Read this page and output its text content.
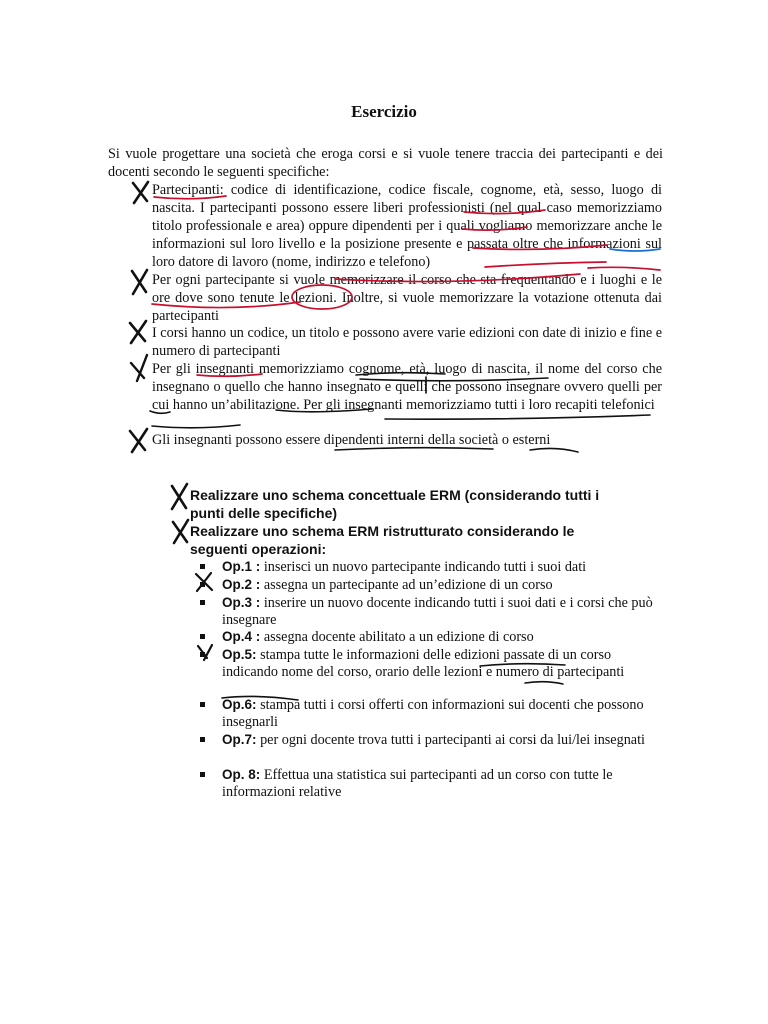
Esercizio
Si vuole progettare una società che eroga corsi e si vuole tenere traccia dei partecipanti e dei docenti secondo le seguenti specifiche:
Partecipanti: codice di identificazione, codice fiscale, cognome, età, sesso, luogo di nascita. I partecipanti possono essere liberi professionisti (nel qual caso memorizziamo titolo professionale e area) oppure dipendenti per i quali vogliamo memorizzare anche le informazioni sul loro livello e la posizione presente e passata oltre che informazioni sul loro datore di lavoro (nome, indirizzo e telefono)
Per ogni partecipante si vuole memorizzare il corso che sta frequentando e i luoghi e le ore dove sono tenute le lezioni. Inoltre, si vuole memorizzare la votazione ottenuta dai partecipanti
I corsi hanno un codice, un titolo e possono avere varie edizioni con date di inizio e fine e numero di partecipanti
Per gli insegnanti memorizziamo cognome, età, luogo di nascita, il nome del corso che insegnano o quello che hanno insegnato e quelli che possono insegnare ovvero quelli per cui hanno un’abilitazione. Per gli insegnanti memorizziamo tutti i loro recapiti telefonici
Gli insegnanti possono essere dipendenti interni della società o esterni
Realizzare uno schema concettuale ERM (considerando tutti i punti delle specifiche)
Realizzare uno schema ERM ristrutturato considerando le seguenti operazioni:
Op.1 : inserisci un nuovo partecipante indicando tutti i suoi dati
Op.2 : assegna un partecipante ad un’edizione di un corso
Op.3 : inserire un nuovo docente indicando tutti i suoi dati e i corsi che può insegnare
Op.4 : assegna docente abilitato a un edizione di corso
Op.5: stampa tutte le informazioni delle edizioni passate di un corso indicando nome del corso, orario delle lezioni e numero di partecipanti
Op.6: stampa tutti i corsi offerti con informazioni sui docenti che possono insegnarli
Op.7: per ogni docente trova tutti i partecipanti ai corsi da lui/lei insegnati
Op. 8: Effettua una statistica sui partecipanti ad un corso con tutte le informazioni relative
